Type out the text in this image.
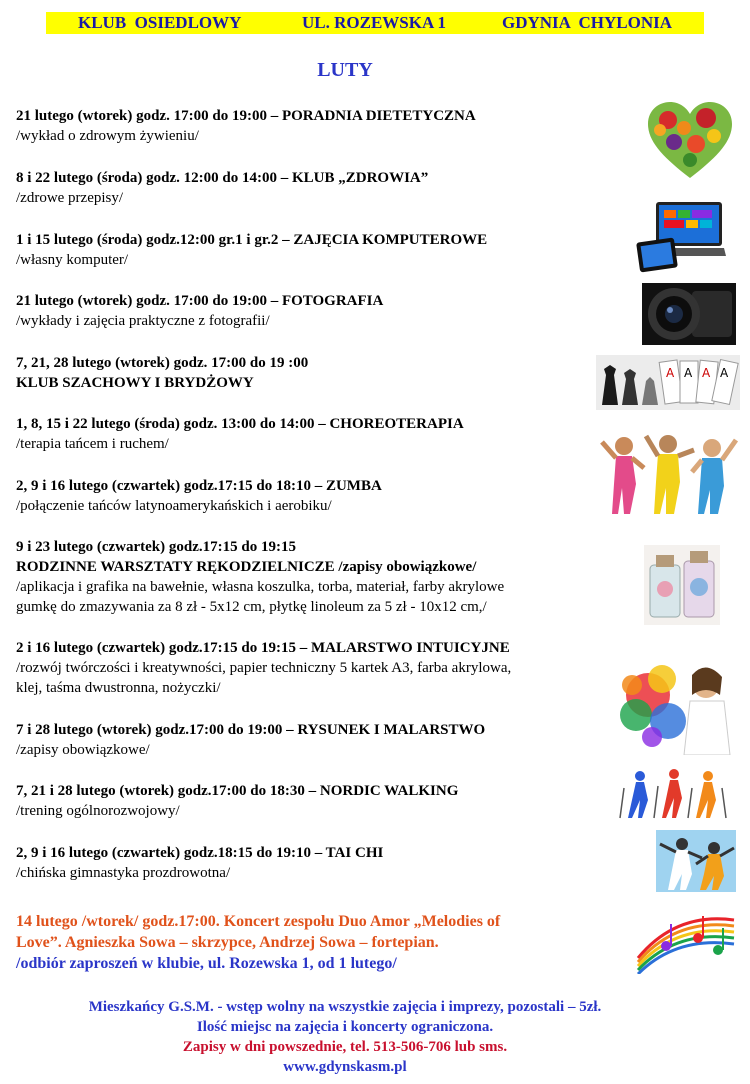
KLUB  OSIEDLOWY	UL. ROZEWSKA 1	GDYNIA  CHYLONIA
LUTY
21 lutego (wtorek) godz. 17:00 do 19:00 – PORADNIA DIETETYCZNA
/wykład o zdrowym żywieniu/
8 i 22 lutego (środa) godz. 12:00 do 14:00 – KLUB „ZDROWIA”
/zdrowe przepisy/
1 i 15 lutego (środa) godz.12:00 gr.1 i gr.2 – ZAJĘCIA KOMPUTEROWE
/własny komputer/
21 lutego (wtorek) godz. 17:00 do 19:00 – FOTOGRAFIA
/wykłady i zajęcia praktyczne z fotografii/
7, 21, 28 lutego (wtorek) godz. 17:00 do 19 :00
KLUB SZACHOWY I BRYDŻOWY
1, 8, 15 i 22 lutego (środa) godz. 13:00 do 14:00 – CHOREOTERAPIA
/terapia tańcem i ruchem/
2, 9 i 16 lutego (czwartek) godz.17:15 do 18:10 – ZUMBA
/połączenie tańców latynoamerykańskich i aerobiku/
9 i 23 lutego (czwartek) godz.17:15 do 19:15
RODZINNE WARSZTATY RĘKODZIELNICZE /zapisy obowiązkowe/
/aplikacja i grafika na bawełnie, własna koszulka, torba, materiał, farby akrylowe
gumkę do zmazywania za 8 zł - 5x12 cm, płytkę linoleum za 5 zł - 10x12 cm,/
2 i 16 lutego (czwartek) godz.17:15 do 19:15 – MALARSTWO INTUICYJNE
/rozwój twórczości i kreatywności, papier techniczny 5 kartek A3, farba akrylowa,
klej, taśma dwustronna, nożyczki/
7 i 28 lutego (wtorek) godz.17:00 do 19:00 – RYSUNEK I MALARSTWO
/zapisy obowiązkowe/
7, 21 i 28 lutego (wtorek) godz.17:00 do 18:30 – NORDIC WALKING
/trening ogólnorozwojowy/
2, 9 i 16 lutego (czwartek) godz.18:15 do 19:10 – TAI CHI
/chińska gimnastyka prozdrowotna/
A A A A
14 lutego /wtorek/ godz.17:00. Koncert zespołu Duo Amor „Melodies of
Love”. Agnieszka Sowa – skrzypce, Andrzej Sowa – fortepian.
/odbiór zaproszeń w klubie, ul. Rozewska 1, od 1 lutego/
Mieszkańcy G.S.M. - wstęp wolny na wszystkie zajęcia i imprezy, pozostali – 5zł.
Ilość miejsc na zajęcia i koncerty ograniczona.
Zapisy w dni powszednie, tel. 513-506-706 lub sms.
www.gdynskasm.pl
